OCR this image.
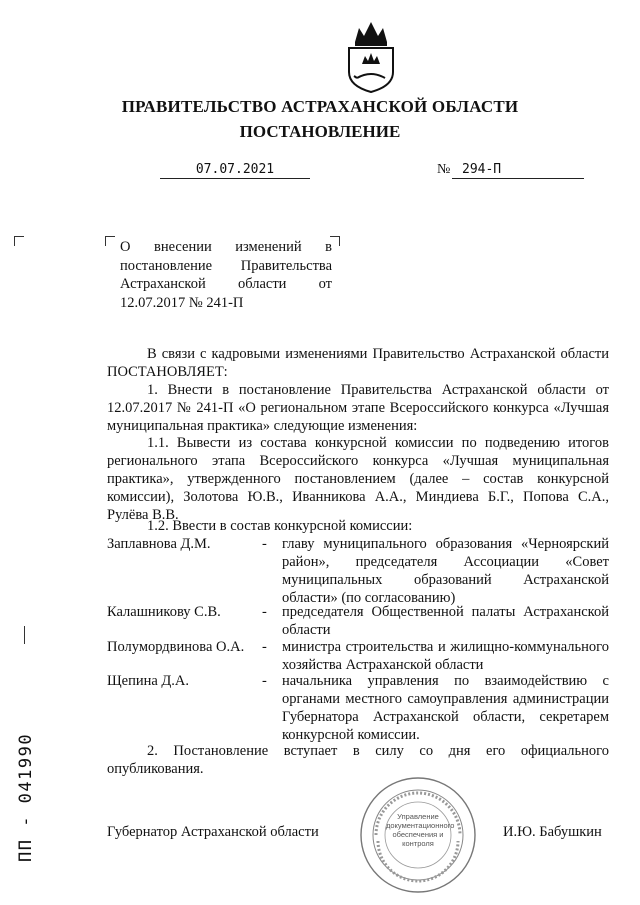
ПРАВИТЕЛЬСТВО АСТРАХАНСКОЙ ОБЛАСТИ
ПОСТАНОВЛЕНИЕ
07.07.2021	№ 294-П
О внесении изменений в постановление Правительства Астраханской области от 12.07.2017 № 241-П
В связи с кадровыми изменениями Правительство Астраханской области ПОСТАНОВЛЯЕТ:
1. Внести в постановление Правительства Астраханской области от 12.07.2017 № 241-П «О региональном этапе Всероссийского конкурса «Лучшая муниципальная практика» следующие изменения:
1.1. Вывести из состава конкурсной комиссии по подведению итогов регионального этапа Всероссийского конкурса «Лучшая муниципальная практика», утвержденного постановлением (далее – состав конкурсной комиссии), Золотова Ю.В., Иванникова А.А., Миндиева Б.Г., Попова С.А., Рулёва В.В.
1.2. Ввести в состав конкурсной комиссии:
Заплавнова Д.М.	- главу муниципального образования «Черноярский район», председателя Ассоциации «Совет муниципальных образований Астраханской области» (по согласованию)
Калашникову С.В.	- председателя Общественной палаты Астраханской области
Полумордвинова О.А. - министра строительства и жилищно-коммунального хозяйства Астраханской области
Щепина Д.А.	- начальника управления по взаимодействию с органами местного самоуправления администрации Губернатора Астраханской области, секретарем конкурсной комиссии.
2. Постановление вступает в силу со дня его официального опубликования.
ПП - 041990	Управление документационного обеспечения и контроля
Губернатор Астраханской области	И.Ю. Бабушкин
